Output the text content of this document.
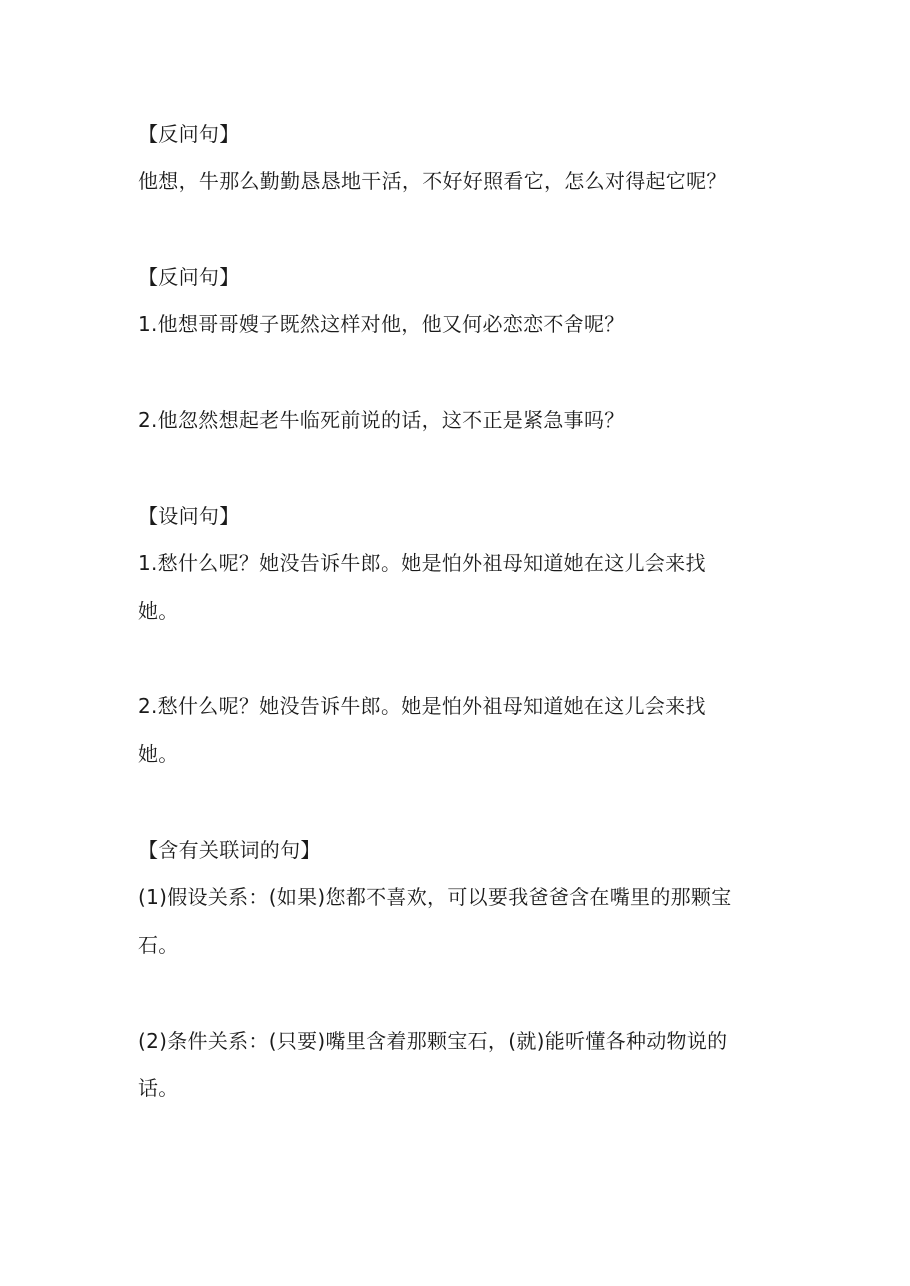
【反问句】
他想，牛那么勤勤恳恳地干活，不好好照看它，怎么对得起它呢？
【反问句】
1.他想哥哥嫂子既然这样对他，他又何必恋恋不舍呢？
2.他忽然想起老牛临死前说的话，这不正是紧急事吗？
【设问句】
1.愁什么呢？她没告诉牛郎。她是怕外祖母知道她在这儿会来找
她。
2.愁什么呢？她没告诉牛郎。她是怕外祖母知道她在这儿会来找
她。
【含有关联词的句】
(1)假设关系：(如果)您都不喜欢，可以要我爸爸含在嘴里的那颗宝
石。
(2)条件关系：(只要)嘴里含着那颗宝石，(就)能听懂各种动物说的
话。
